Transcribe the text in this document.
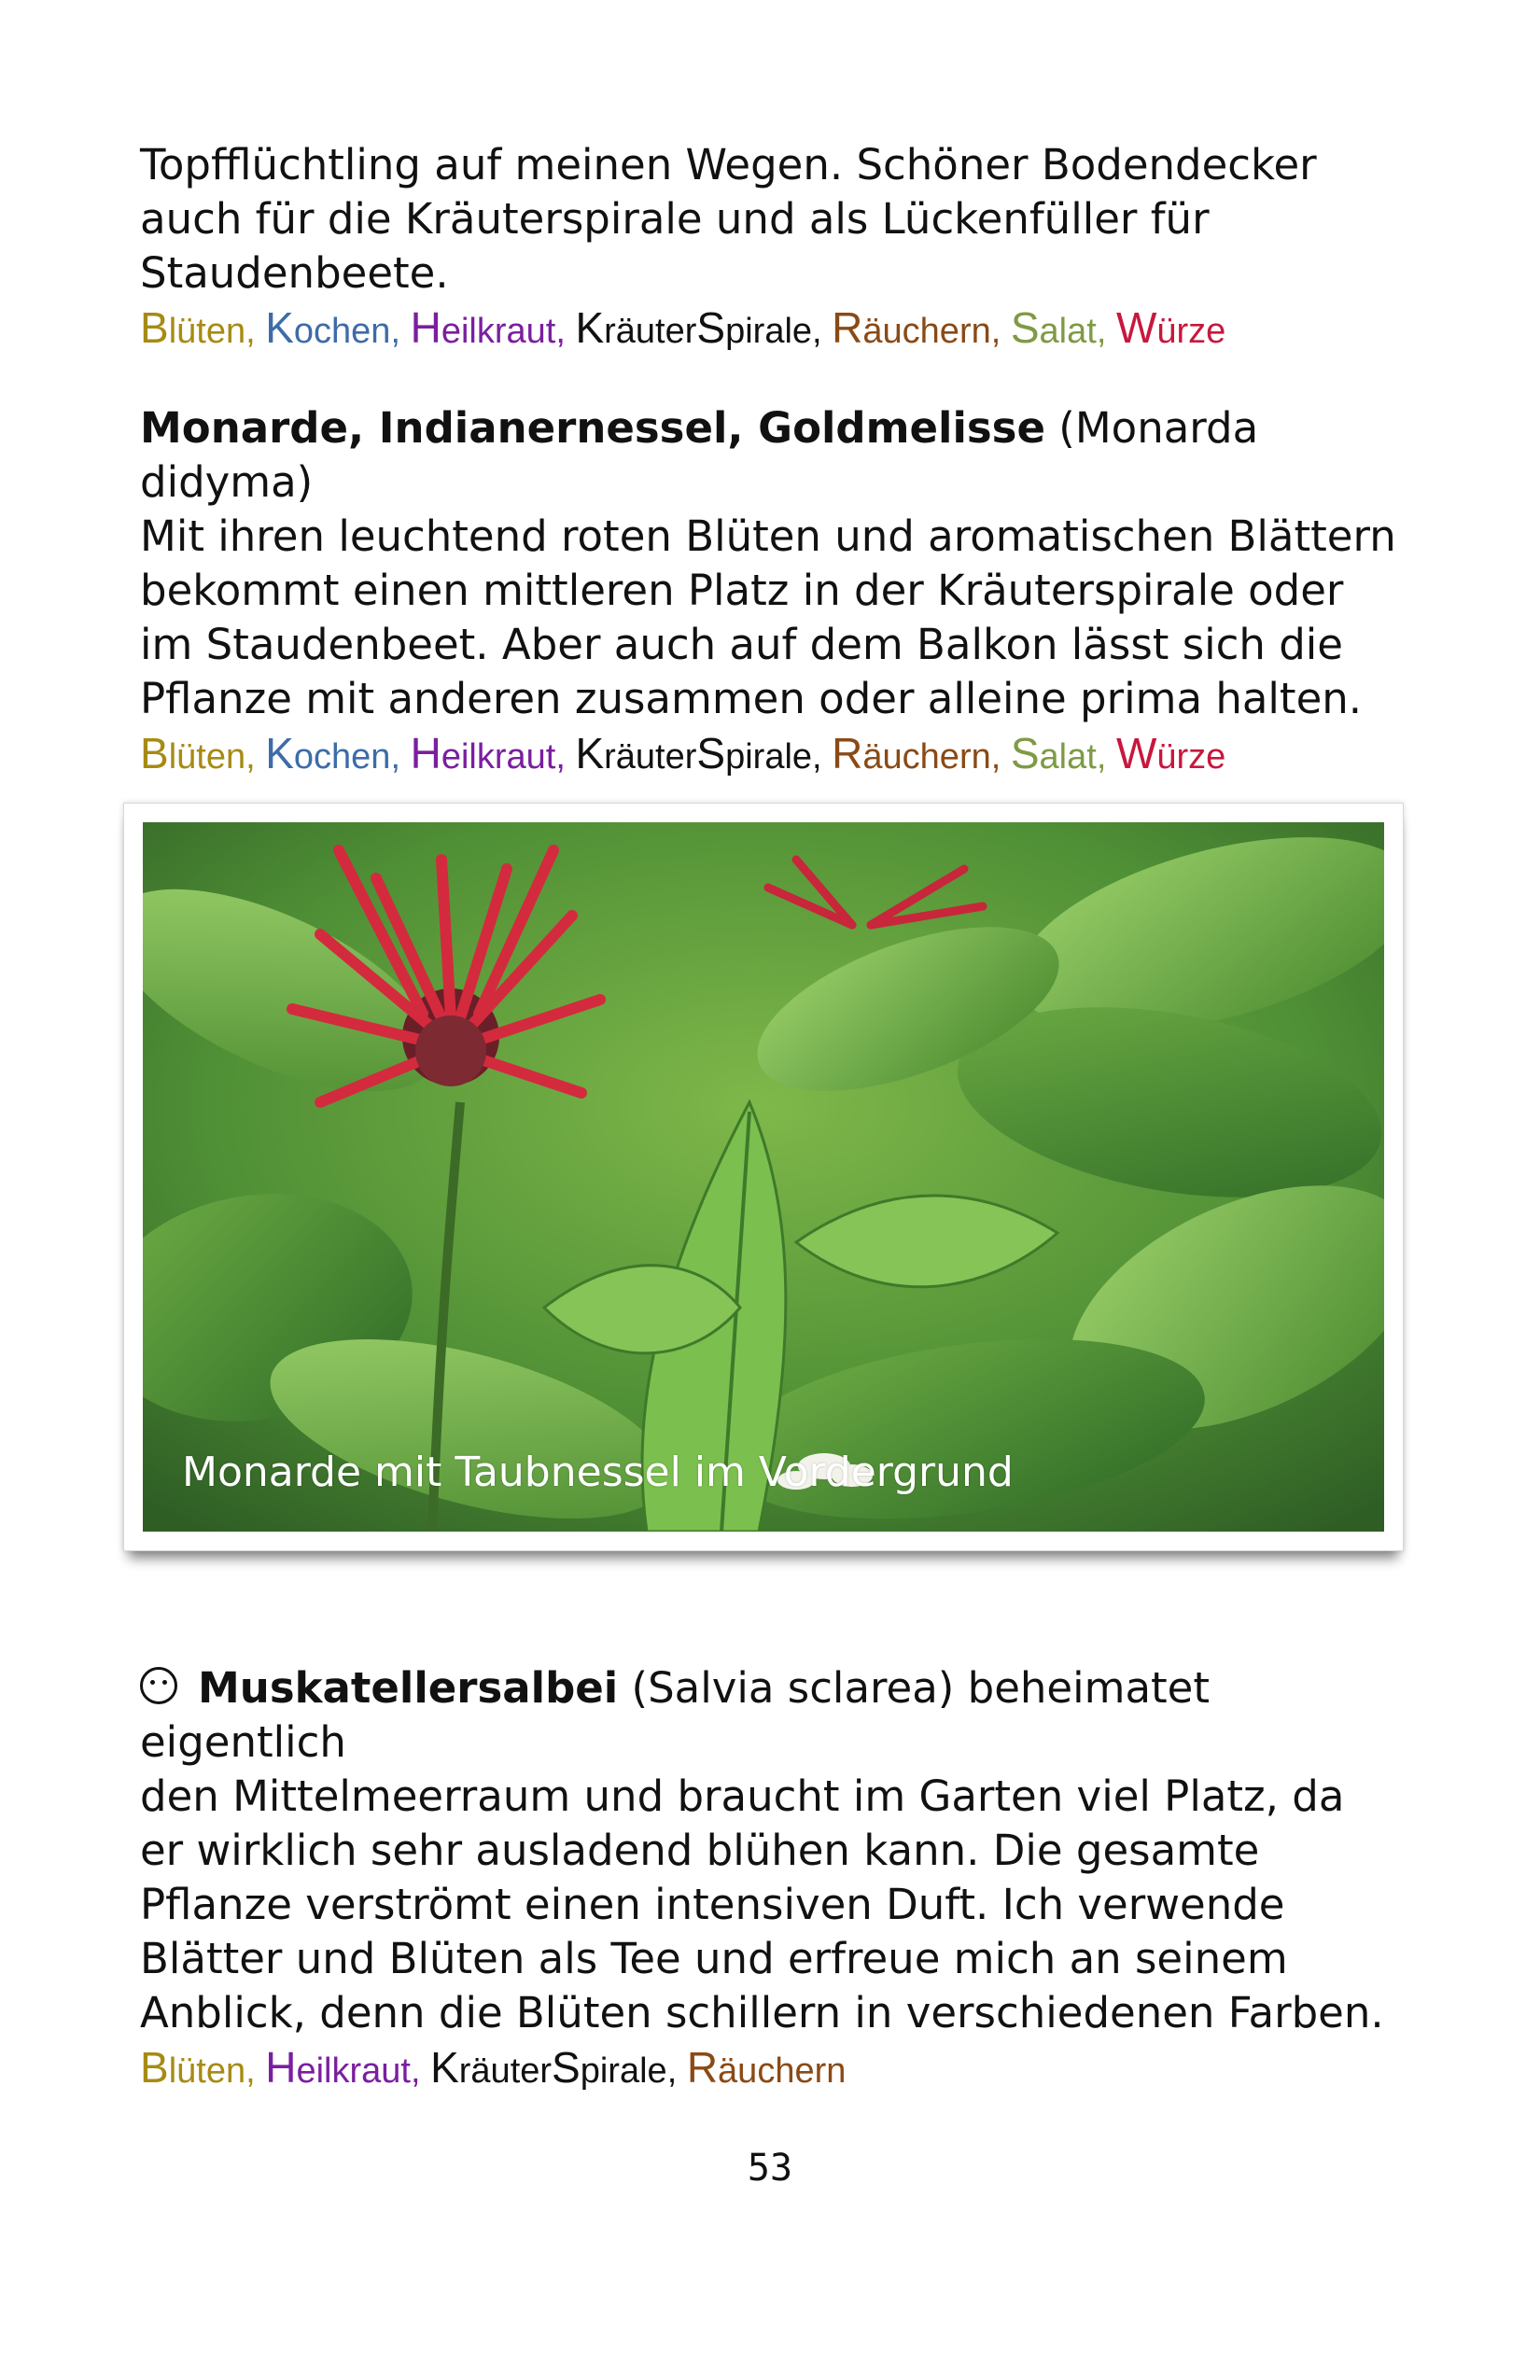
Topfflüchtling auf meinen Wegen. Schöner Bodendecker

auch für die Kräuterspirale und als Lückenfüller für

Staudenbeete.

Blüten, Kochen, Heilkraut, KräuterSpirale, Räuchern, Salat, Würze

Monarde, Indianernessel, Goldmelisse (Monarda didyma)

Mit ihren leuchtend roten Blüten und aromatischen Blättern

bekommt einen mittleren Platz in der Kräuterspirale oder

im Staudenbeet. Aber auch auf dem Balkon lässt sich die

Pflanze mit anderen zusammen oder alleine prima halten.

Blüten, Kochen, Heilkraut, KräuterSpirale, Räuchern, Salat, Würze

Monarde mit Taubnessel im Vordergrund

Muskatellersalbei (Salvia sclarea) beheimatet eigentlich

den Mittelmeerraum und braucht im Garten viel Platz, da

er wirklich sehr ausladend blühen kann. Die gesamte

Pflanze verströmt einen intensiven Duft. Ich verwende

Blätter und Blüten als Tee und erfreue mich an seinem

Anblick, denn die Blüten schillern in verschiedenen Farben.

Blüten, Heilkraut, KräuterSpirale, Räuchern

53
